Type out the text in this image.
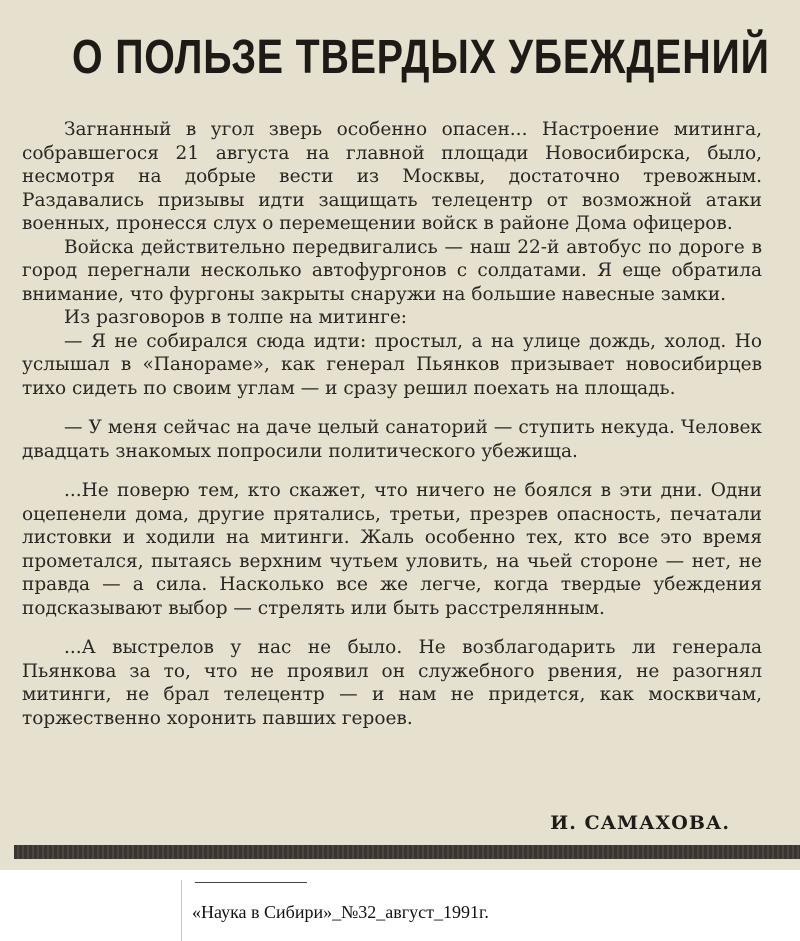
О ПОЛЬЗЕ ТВЕРДЫХ УБЕЖДЕНИЙ

Загнанный в угол зверь особенно опасен... Настроение митинга, собравшегося 21 августа на главной площади Новосибирска, было, несмотря на добрые вести из Москвы, достаточно тревожным. Раздавались призывы идти защищать телецентр от возможной атаки военных, пронесся слух о перемещении войск в районе Дома офицеров.

Войска действительно передвигались — наш 22-й автобус по дороге в город перегнали несколько автофургонов с солдатами. Я еще обратила внимание, что фургоны закрыты снаружи на большие навесные замки.

Из разговоров в толпе на митинге:

— Я не собирался сюда идти: простыл, а на улице дождь, холод. Но услышал в «Панораме», как генерал Пьянков призывает новосибирцев тихо сидеть по своим углам — и сразу решил поехать на площадь.

— У меня сейчас на даче целый санаторий — ступить некуда. Человек двадцать знакомых попросили политического убежища.

...Не поверю тем, кто скажет, что ничего не боялся в эти дни. Одни оцепенели дома, другие прятались, третьи, презрев опасность, печатали листовки и ходили на митинги. Жаль особенно тех, кто все это время прометался, пытаясь верхним чутьем уловить, на чьей стороне — нет, не правда — а сила. Насколько все же легче, когда твердые убеждения подсказывают выбор — стрелять или быть расстрелянным.

...А выстрелов у нас не было. Не возблагодарить ли генерала Пьянкова за то, что не проявил он служебного рвения, не разогнял митинги, не брал телецентр — и нам не придется, как москвичам, торжественно хоронить павших героев.

И. САМАХОВА.
«Наука в Сибири»_№32_август_1991г.
